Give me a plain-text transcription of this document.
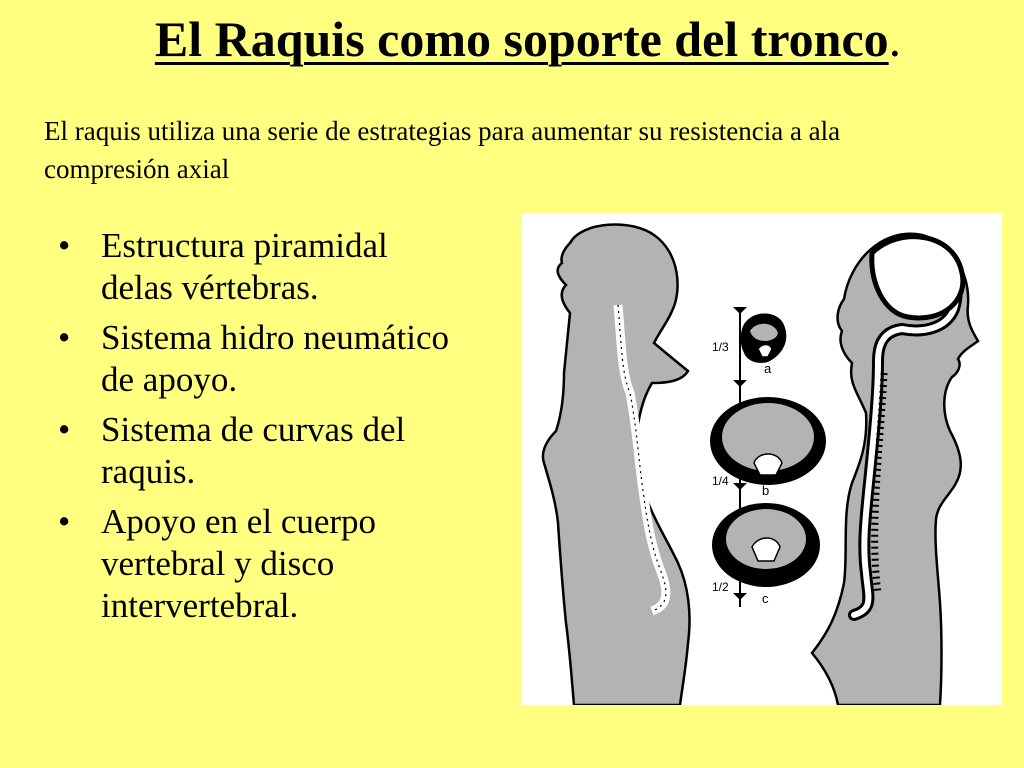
El Raquis como soporte del tronco.

El raquis utiliza una serie de estrategias para aumentar su resistencia a ala compresión axial

• Estructura piramidal delas vértebras.
• Sistema hidro neumático de apoyo.
• Sistema de curvas del raquis.
• Apoyo en el cuerpo vertebral y disco intervertebral.
1/3
a
1/4
b
1/2
c
